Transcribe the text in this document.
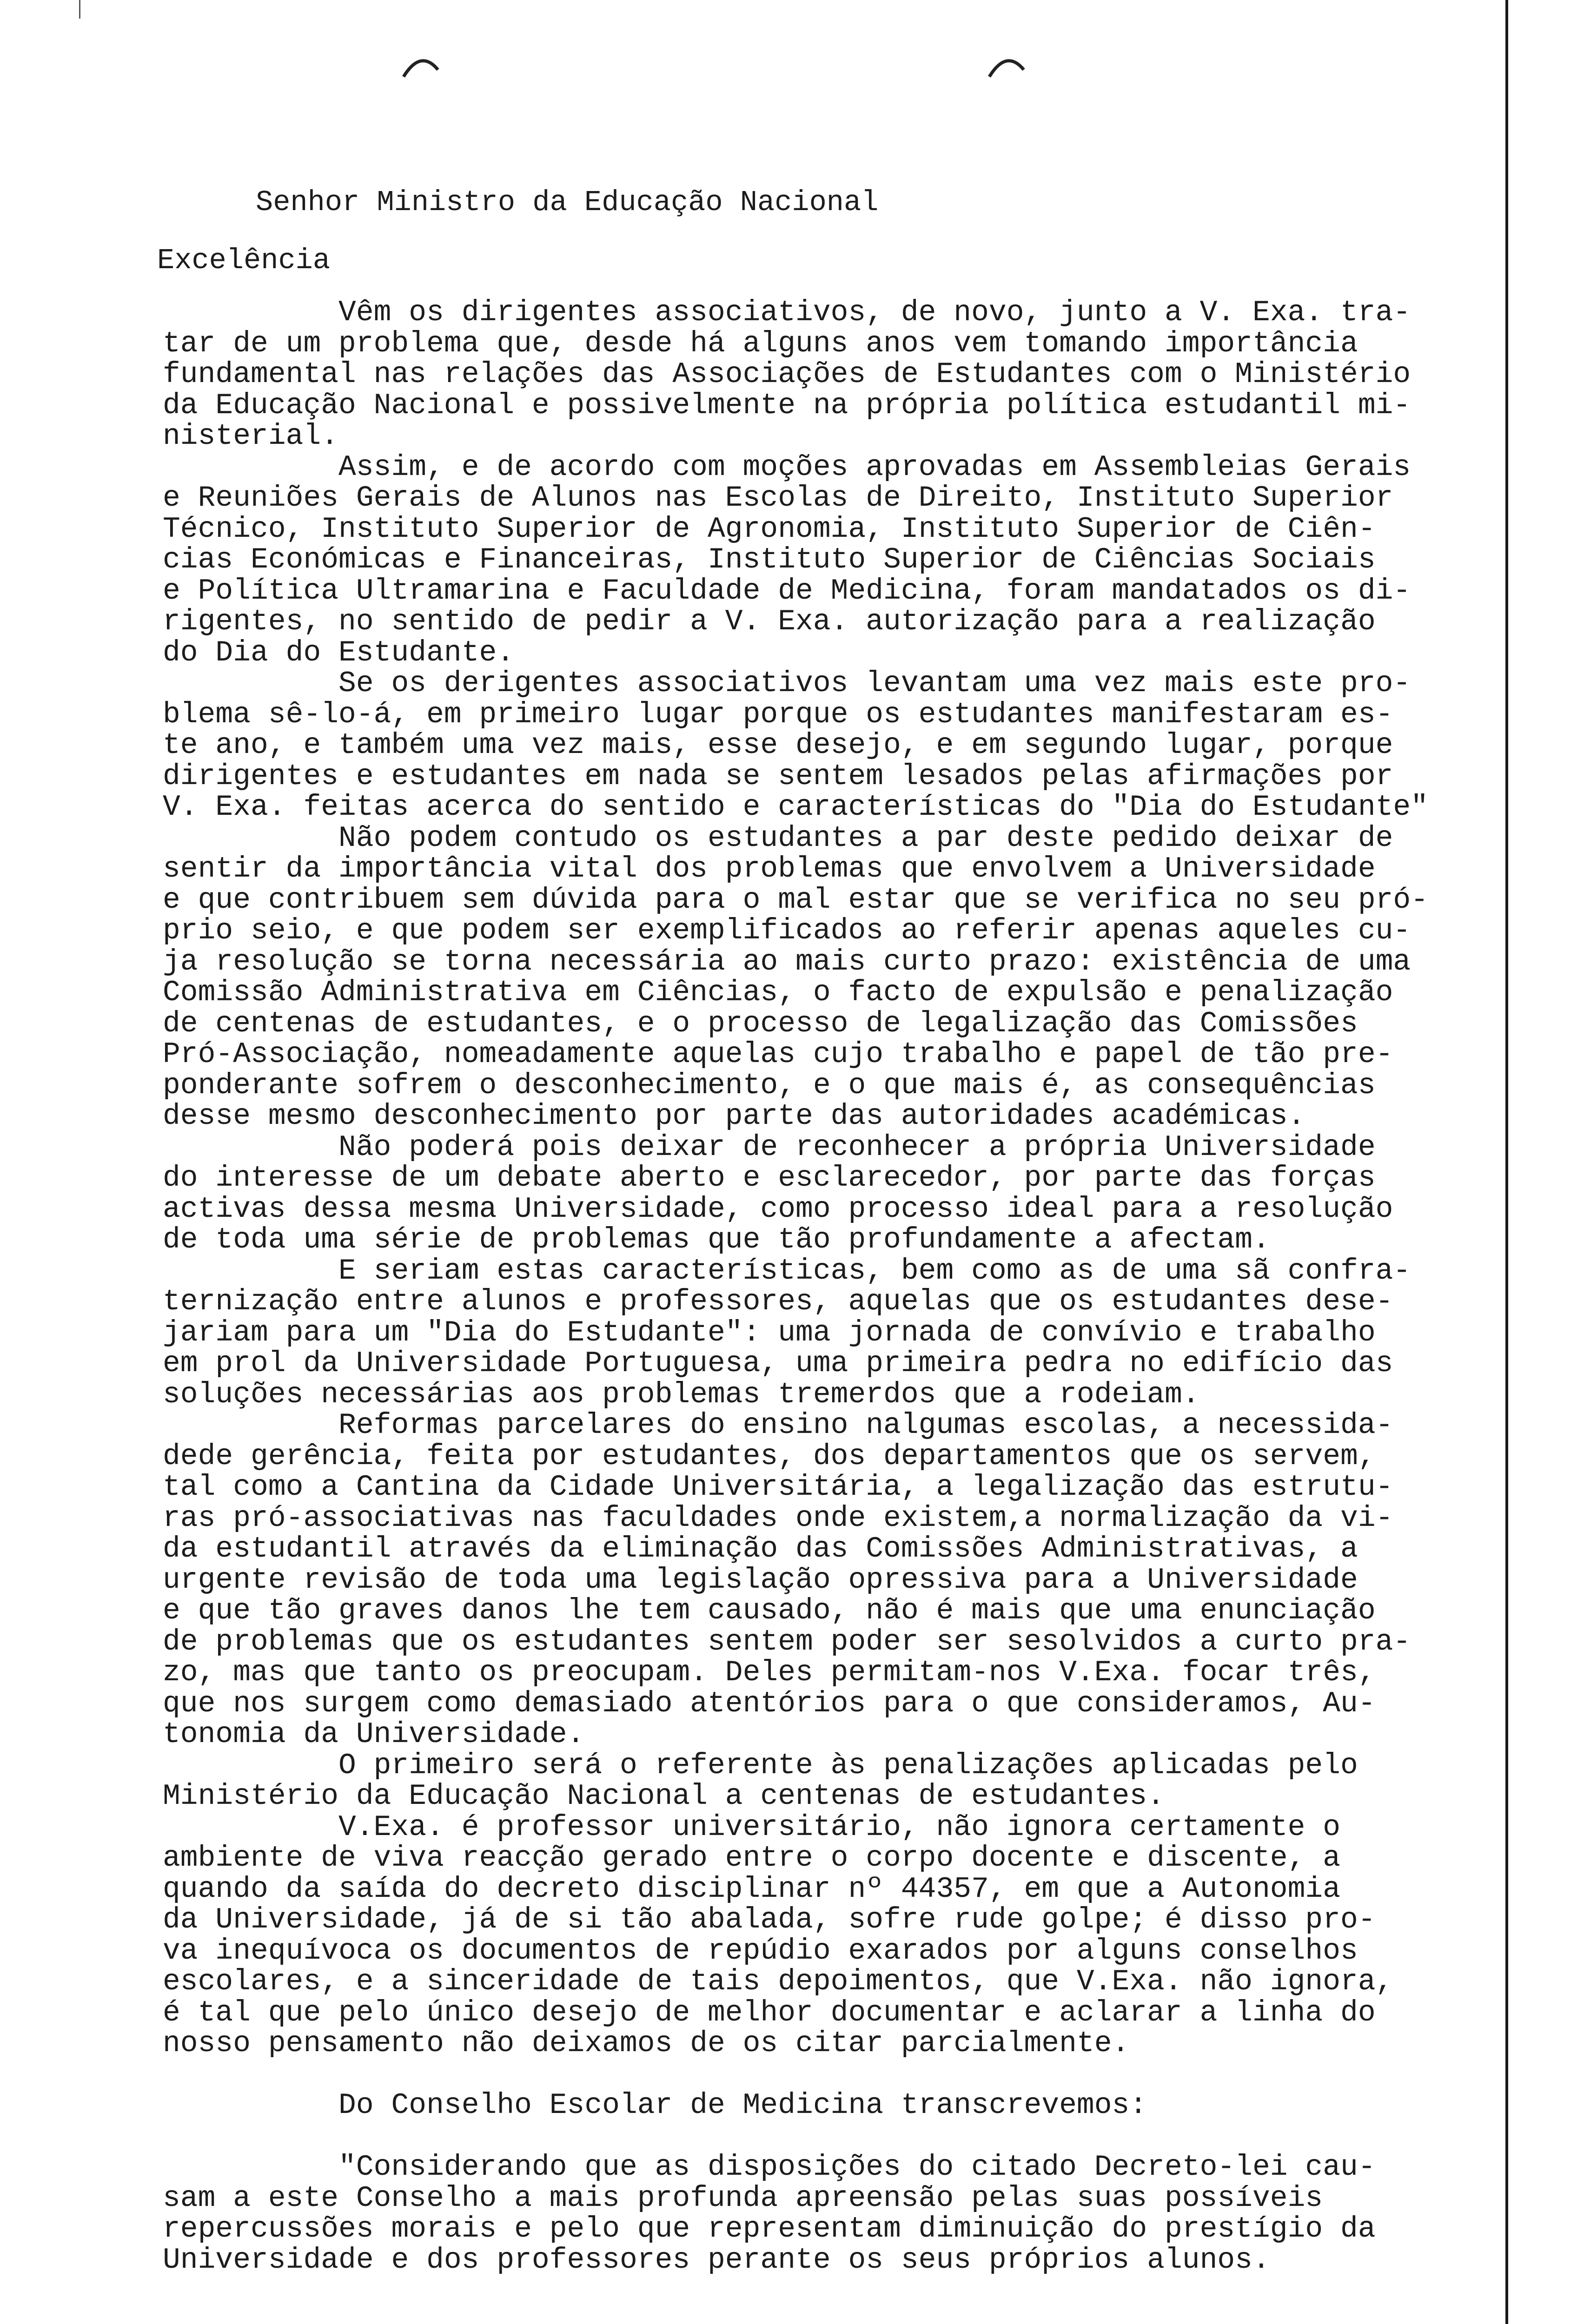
Senhor Ministro da Educação Nacional

Excelência

Vêm os dirigentes associativos, de novo, junto a V. Exa. tra-
tar de um problema que, desde há alguns anos vem tomando importância
fundamental nas relações das Associações de Estudantes com o Ministério
da Educação Nacional e possivelmente na própria política estudantil mi-
nisterial.
Assim, e de acordo com moções aprovadas em Assembleias Gerais
e Reuniões Gerais de Alunos nas Escolas de Direito, Instituto Superior
Técnico, Instituto Superior de Agronomia, Instituto Superior de Ciên-
cias Económicas e Financeiras, Instituto Superior de Ciências Sociais
e Política Ultramarina e Faculdade de Medicina, foram mandatados os di-
rigentes, no sentido de pedir a V. Exa. autorização para a realização
do Dia do Estudante.
Se os derigentes associativos levantam uma vez mais este pro-
blema sê-lo-á, em primeiro lugar porque os estudantes manifestaram es-
te ano, e também uma vez mais, esse desejo, e em segundo lugar, porque
dirigentes e estudantes em nada se sentem lesados pelas afirmações por
V. Exa. feitas acerca do sentido e características do "Dia do Estudante"
Não podem contudo os estudantes a par deste pedido deixar de
sentir da importância vital dos problemas que envolvem a Universidade
e que contribuem sem dúvida para o mal estar que se verifica no seu pró-
prio seio, e que podem ser exemplificados ao referir apenas aqueles cu-
ja resolução se torna necessária ao mais curto prazo: existência de uma
Comissão Administrativa em Ciências, o facto de expulsão e penalização
de centenas de estudantes, e o processo de legalização das Comissões
Pró-Associação, nomeadamente aquelas cujo trabalho e papel de tão pre-
ponderante sofrem o desconhecimento, e o que mais é, as consequências
desse mesmo desconhecimento por parte das autoridades académicas.
Não poderá pois deixar de reconhecer a própria Universidade
do interesse de um debate aberto e esclarecedor, por parte das forças
activas dessa mesma Universidade, como processo ideal para a resolução
de toda uma série de problemas que tão profundamente a afectam.
E seriam estas características, bem como as de uma sã confra-
ternização entre alunos e professores, aquelas que os estudantes dese-
jariam para um "Dia do Estudante": uma jornada de convívio e trabalho
em prol da Universidade Portuguesa, uma primeira pedra no edifício das
soluções necessárias aos problemas tremerdos que a rodeiam.
Reformas parcelares do ensino nalgumas escolas, a necessida-
dede gerência, feita por estudantes, dos departamentos que os servem,
tal como a Cantina da Cidade Universitária, a legalização das estrutu-
ras pró-associativas nas faculdades onde existem,a normalização da vi-
da estudantil através da eliminação das Comissões Administrativas, a
urgente revisão de toda uma legislação opressiva para a Universidade
e que tão graves danos lhe tem causado, não é mais que uma enunciação
de problemas que os estudantes sentem poder ser sesolvidos a curto pra-
zo, mas que tanto os preocupam. Deles permitam-nos V.Exa. focar três,
que nos surgem como demasiado atentórios para o que consideramos, Au-
tonomia da Universidade.
O primeiro será o referente às penalizações aplicadas pelo
Ministério da Educação Nacional a centenas de estudantes.
V.Exa. é professor universitário, não ignora certamente o
ambiente de viva reacção gerado entre o corpo docente e discente, a
quando da saída do decreto disciplinar nº 44357, em que a Autonomia
da Universidade, já de si tão abalada, sofre rude golpe; é disso pro-
va inequívoca os documentos de repúdio exarados por alguns conselhos
escolares, e a sinceridade de tais depoimentos, que V.Exa. não ignora,
é tal que pelo único desejo de melhor documentar e aclarar a linha do
nosso pensamento não deixamos de os citar parcialmente.
Do Conselho Escolar de Medicina transcrevemos:
"Considerando que as disposições do citado Decreto-lei cau-
sam a este Conselho a mais profunda apreensão pelas suas possíveis
repercussões morais e pelo que representam diminuição do prestígio da
Universidade e dos professores perante os seus próprios alunos.
